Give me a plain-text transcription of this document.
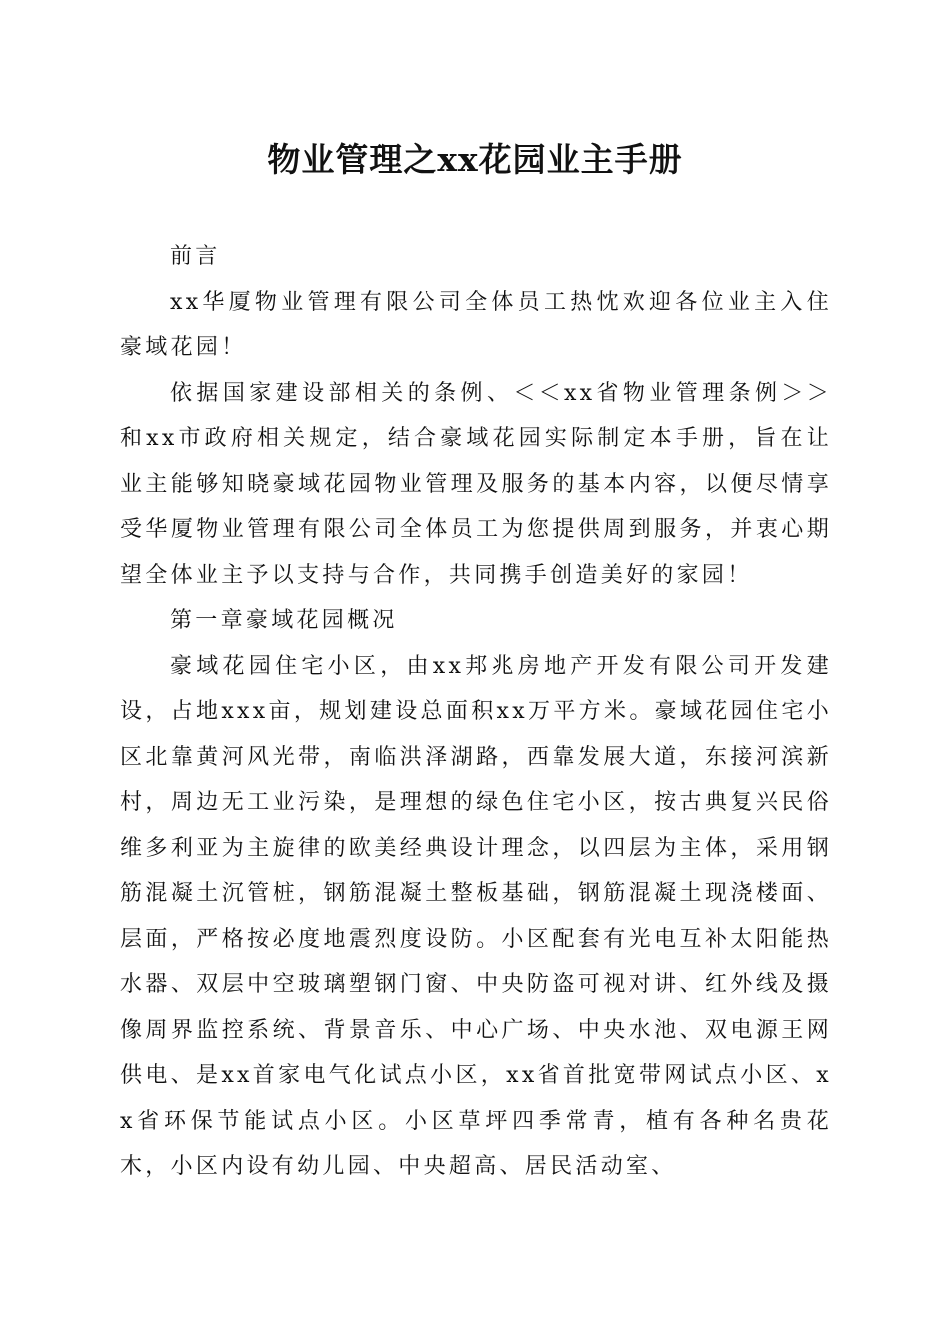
物业管理之xx花园业主手册

前言

xx华厦物业管理有限公司全体员工热忱欢迎各位业主入住豪域花园！

依据国家建设部相关的条例、＜＜xx省物业管理条例＞＞和xx市政府相关规定，结合豪域花园实际制定本手册，旨在让业主能够知晓豪域花园物业管理及服务的基本内容，以便尽情享受华厦物业管理有限公司全体员工为您提供周到服务，并衷心期望全体业主予以支持与合作，共同携手创造美好的家园！

第一章豪域花园概况

豪域花园住宅小区，由xx邦兆房地产开发有限公司开发建设，占地xxx亩，规划建设总面积xx万平方米。豪域花园住宅小区北靠黄河风光带，南临洪泽湖路，西靠发展大道，东接河滨新村，周边无工业污染，是理想的绿色住宅小区，按古典复兴民俗维多利亚为主旋律的欧美经典设计理念，以四层为主体，采用钢筋混凝土沉管桩，钢筋混凝土整板基础，钢筋混凝土现浇楼面、层面，严格按必度地震烈度设防。小区配套有光电互补太阳能热水器、双层中空玻璃塑钢门窗、中央防盗可视对讲、红外线及摄像周界监控系统、背景音乐、中心广场、中央水池、双电源王网供电、是xx首家电气化试点小区，xx省首批宽带网试点小区、xx省环保节能试点小区。小区草坪四季常青，植有各种名贵花木，小区内设有幼儿园、中央超高、居民活动室、
